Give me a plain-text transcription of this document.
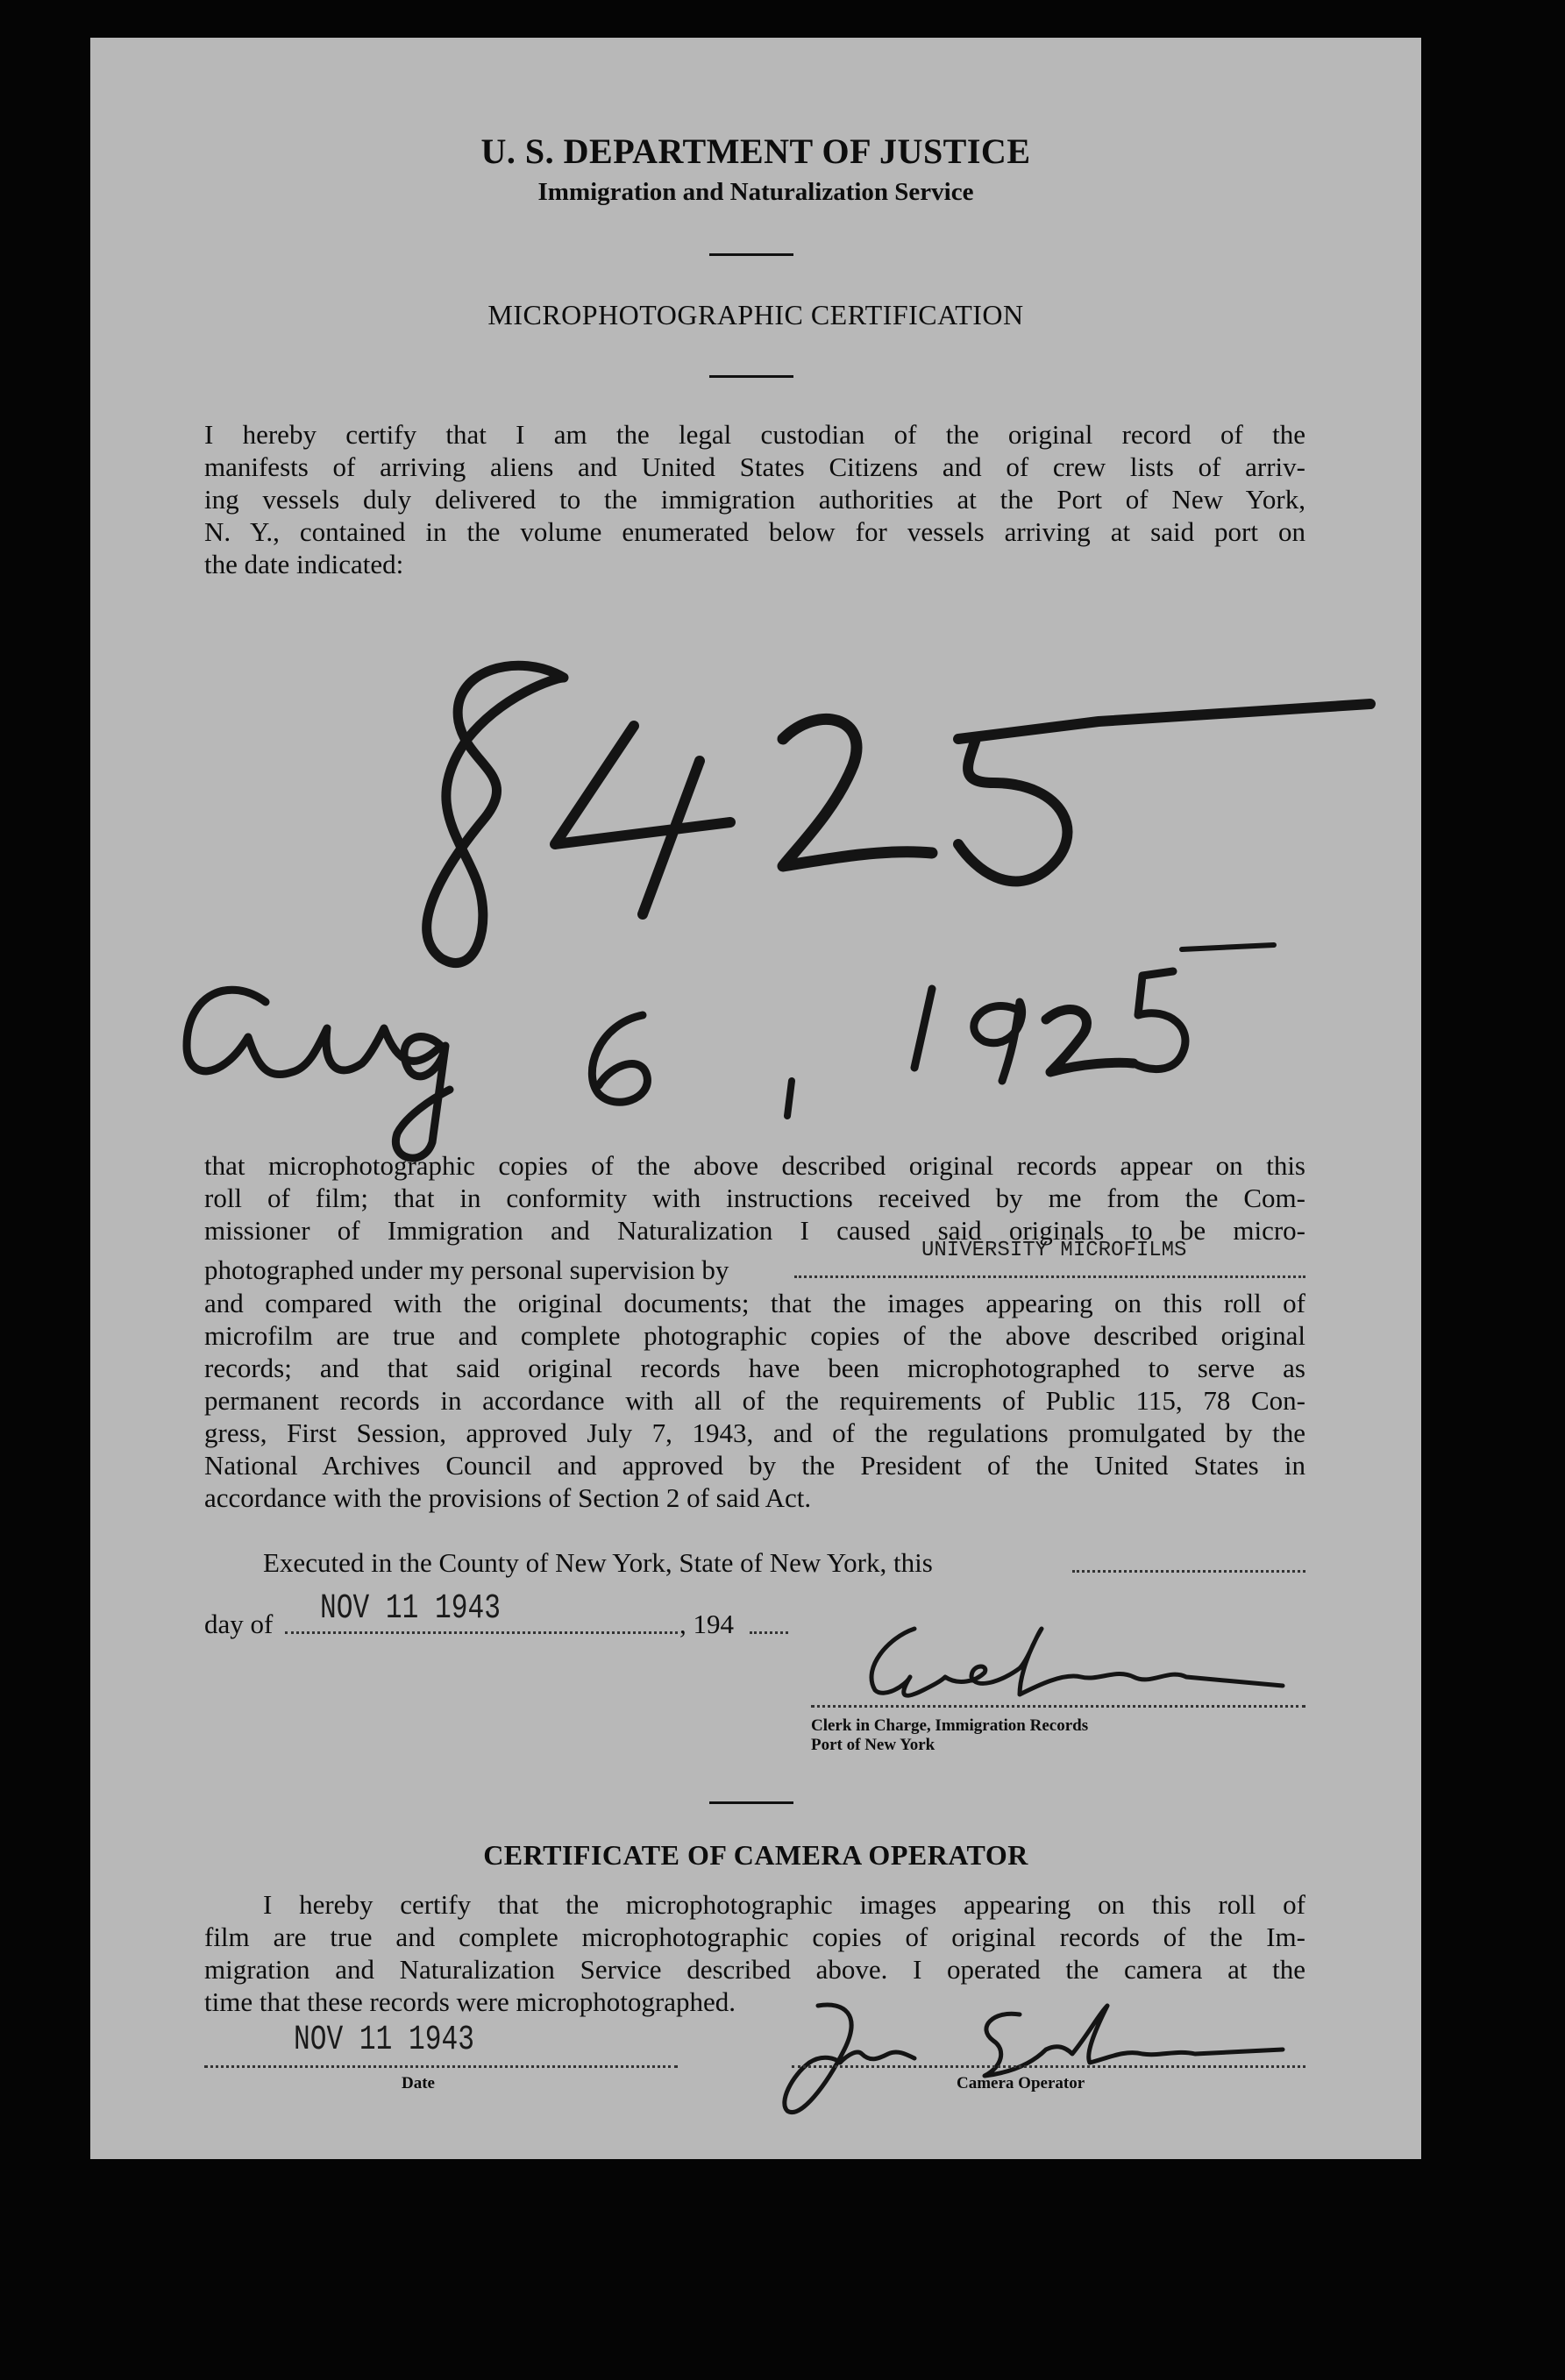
U. S. DEPARTMENT OF JUSTICE
Immigration and Naturalization Service
MICROPHOTOGRAPHIC CERTIFICATION
I hereby certify that I am the legal custodian of the original record of the
manifests of arriving aliens and United States Citizens and of crew lists of arriv-
ing vessels duly delivered to the immigration authorities at the Port of New York,
N. Y., contained in the volume enumerated below for vessels arriving at said port on
the date indicated:
that microphotographic copies of the above described original records appear on this
roll of film; that in conformity with instructions received by me from the Com-
missioner of Immigration and Naturalization I caused said originals to be micro-
photographed under my personal supervision by
UNIVERSITY MICROFILMS
and compared with the original documents; that the images appearing on this roll of
microfilm are true and complete photographic copies of the above described original
records; and that said original records have been microphotographed to serve as
permanent records in accordance with all of the requirements of Public 115, 78 Con-
gress, First Session, approved July 7, 1943, and of the regulations promulgated by the
National Archives Council and approved by the President of the United States in
accordance with the provisions of Section 2 of said Act.
Executed in the County of New York, State of New York, this
day of NOV 11 1943	, 194
Clerk in Charge, Immigration Records
Port of New York
CERTIFICATE OF CAMERA OPERATOR
I hereby certify that the microphotographic images appearing on this roll of
film are true and complete microphotographic copies of original records of the Im-
migration and Naturalization Service described above. I operated the camera at the
time that these records were microphotographed.
NOV 11 1943
Date	Camera Operator
